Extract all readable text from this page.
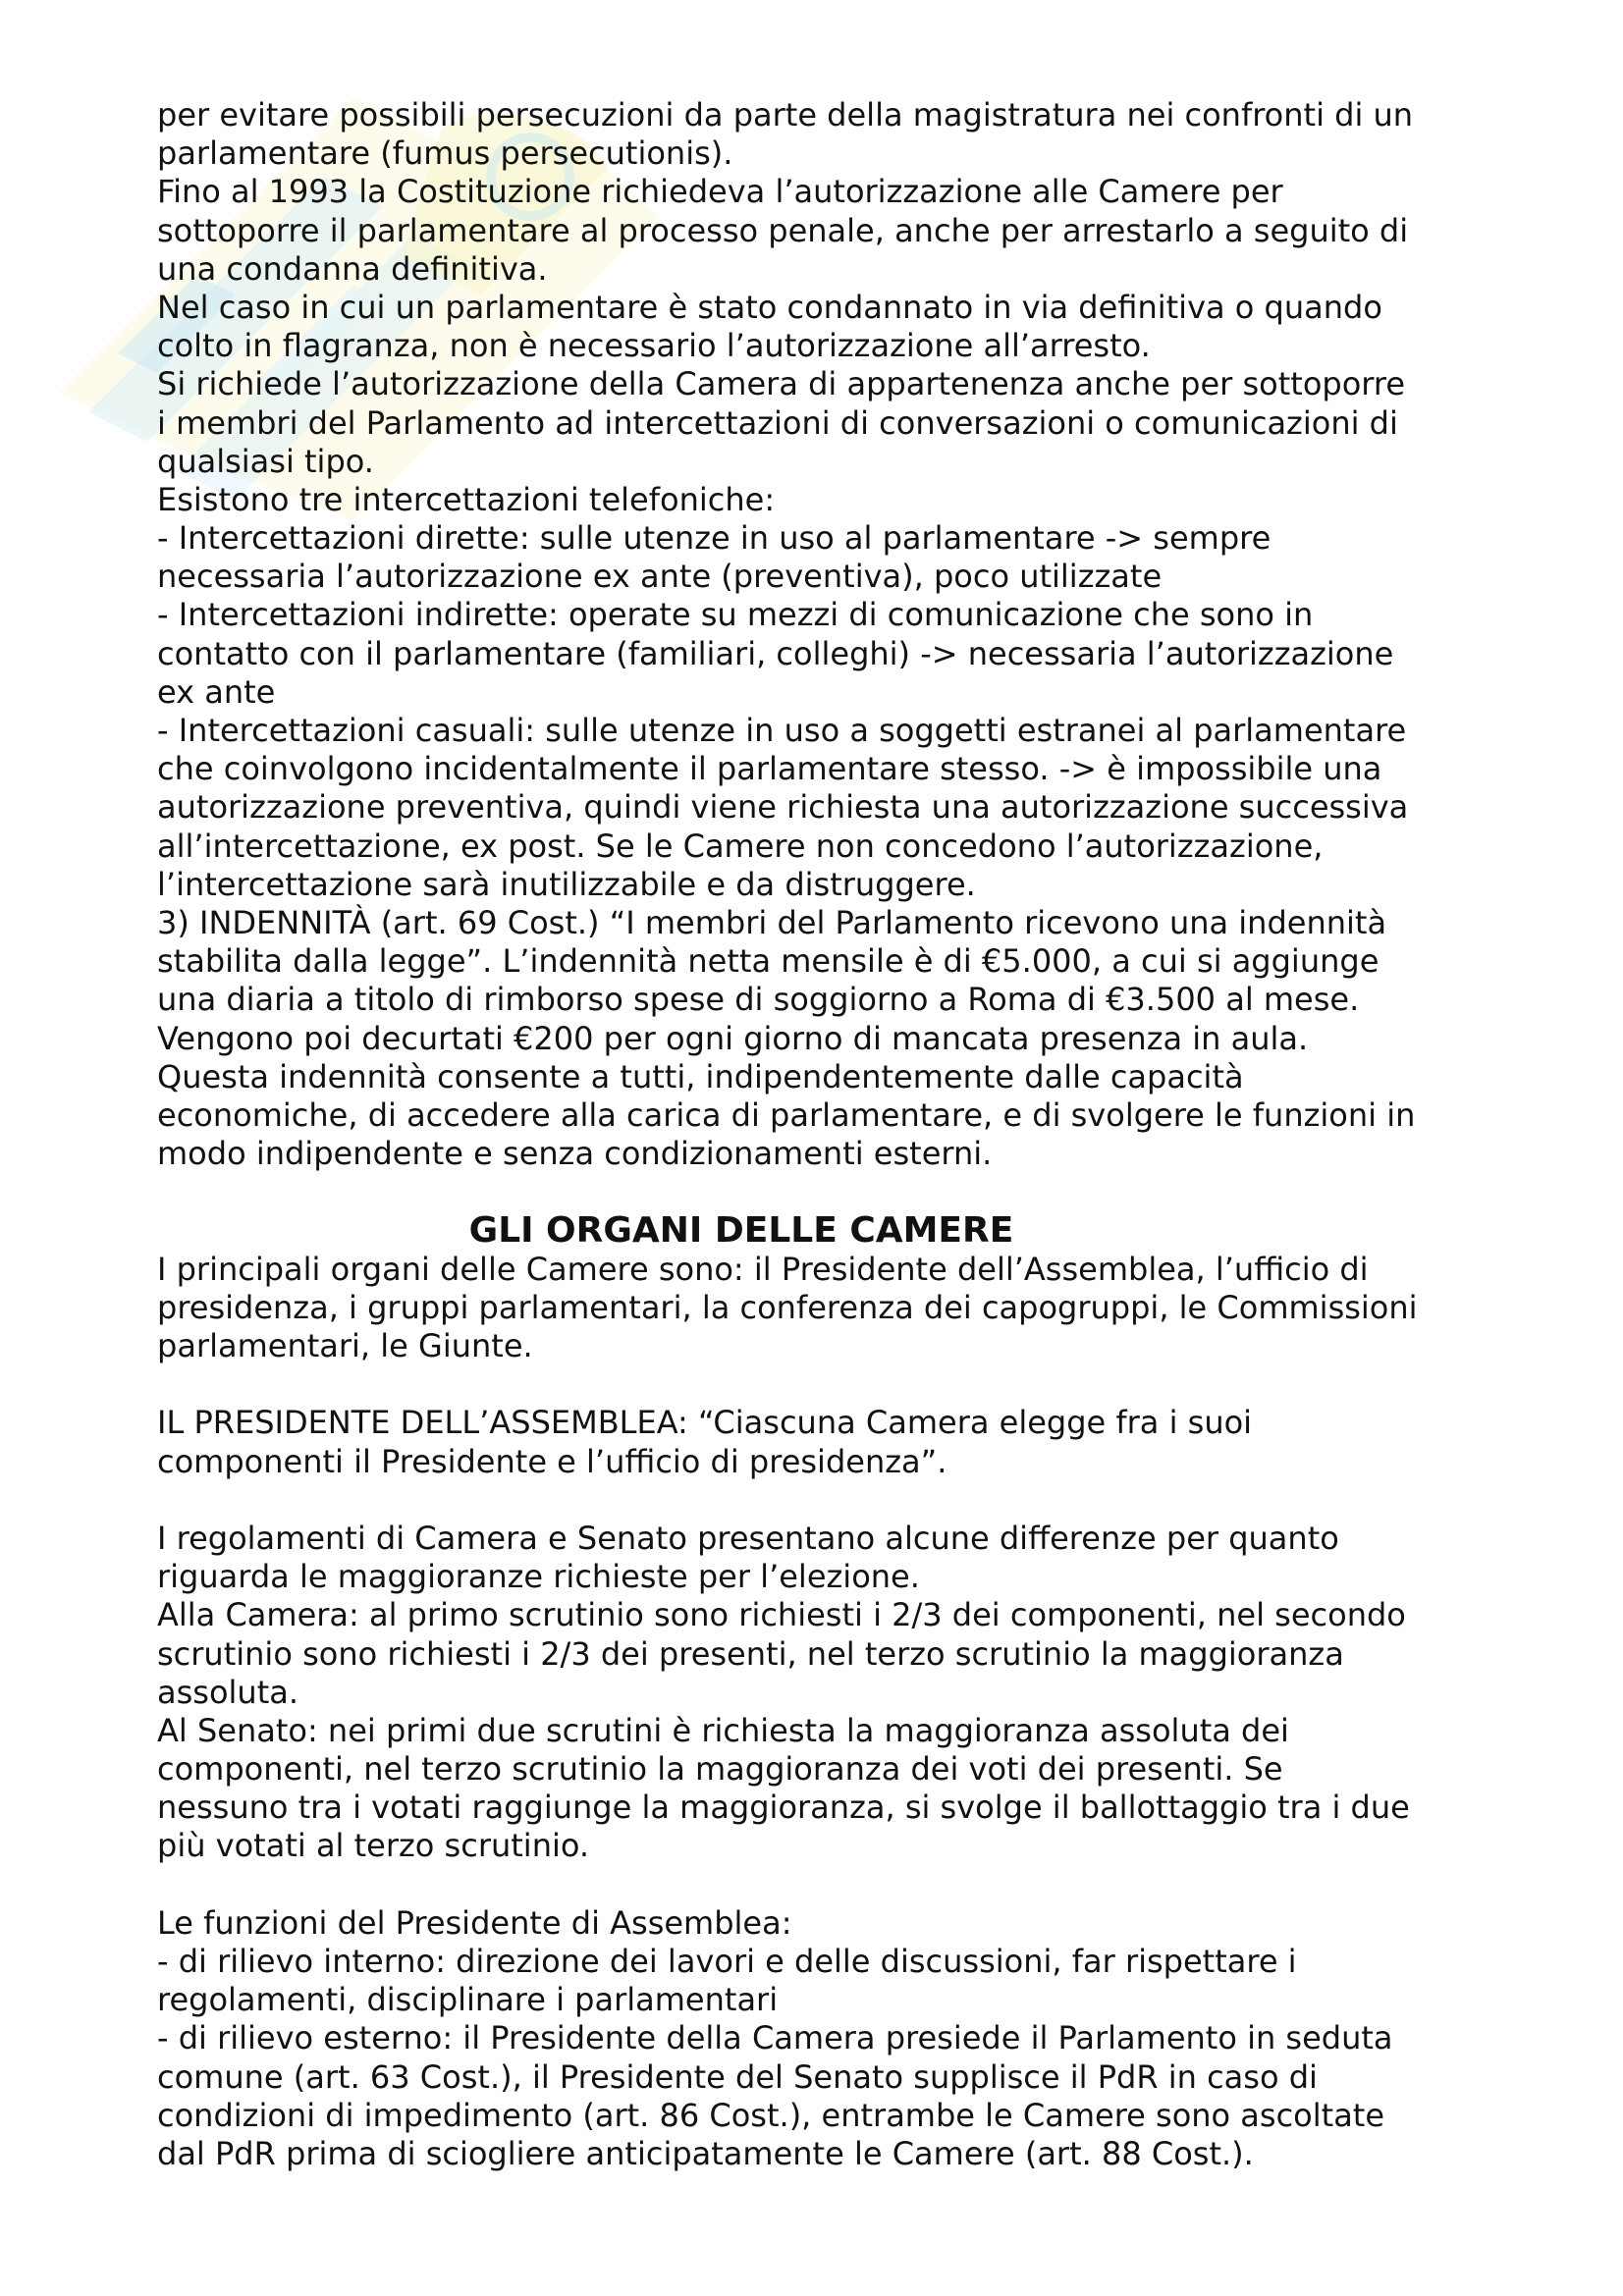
per evitare possibili persecuzioni da parte della magistratura nei confronti di un
parlamentare (fumus persecutionis).
Fino al 1993 la Costituzione richiedeva l’autorizzazione alle Camere per
sottoporre il parlamentare al processo penale, anche per arrestarlo a seguito di
una condanna definitiva.
Nel caso in cui un parlamentare è stato condannato in via definitiva o quando
colto in flagranza, non è necessario l’autorizzazione all’arresto.
Si richiede l’autorizzazione della Camera di appartenenza anche per sottoporre
i membri del Parlamento ad intercettazioni di conversazioni o comunicazioni di
qualsiasi tipo.
Esistono tre intercettazioni telefoniche:
- Intercettazioni dirette: sulle utenze in uso al parlamentare -> sempre
necessaria l’autorizzazione ex ante (preventiva), poco utilizzate
- Intercettazioni indirette: operate su mezzi di comunicazione che sono in
contatto con il parlamentare (familiari, colleghi) -> necessaria l’autorizzazione
ex ante
- Intercettazioni casuali: sulle utenze in uso a soggetti estranei al parlamentare
che coinvolgono incidentalmente il parlamentare stesso. -> è impossibile una
autorizzazione preventiva, quindi viene richiesta una autorizzazione successiva
all’intercettazione, ex post. Se le Camere non concedono l’autorizzazione,
l’intercettazione sarà inutilizzabile e da distruggere.
3) INDENNITÀ (art. 69 Cost.) “I membri del Parlamento ricevono una indennità
stabilita dalla legge”. L’indennità netta mensile è di €5.000, a cui si aggiunge
una diaria a titolo di rimborso spese di soggiorno a Roma di €3.500 al mese.
Vengono poi decurtati €200 per ogni giorno di mancata presenza in aula.
Questa indennità consente a tutti, indipendentemente dalle capacità
economiche, di accedere alla carica di parlamentare, e di svolgere le funzioni in
modo indipendente e senza condizionamenti esterni.
GLI ORGANI DELLE CAMERE
I principali organi delle Camere sono: il Presidente dell’Assemblea, l’ufficio di
presidenza, i gruppi parlamentari, la conferenza dei capogruppi, le Commissioni
parlamentari, le Giunte.
IL PRESIDENTE DELL’ASSEMBLEA: “Ciascuna Camera elegge fra i suoi
componenti il Presidente e l’ufficio di presidenza”.
I regolamenti di Camera e Senato presentano alcune differenze per quanto
riguarda le maggioranze richieste per l’elezione.
Alla Camera: al primo scrutinio sono richiesti i 2/3 dei componenti, nel secondo
scrutinio sono richiesti i 2/3 dei presenti, nel terzo scrutinio la maggioranza
assoluta.
Al Senato: nei primi due scrutini è richiesta la maggioranza assoluta dei
componenti, nel terzo scrutinio la maggioranza dei voti dei presenti. Se
nessuno tra i votati raggiunge la maggioranza, si svolge il ballottaggio tra i due
più votati al terzo scrutinio.
Le funzioni del Presidente di Assemblea:
- di rilievo interno: direzione dei lavori e delle discussioni, far rispettare i
regolamenti, disciplinare i parlamentari
- di rilievo esterno: il Presidente della Camera presiede il Parlamento in seduta
comune (art. 63 Cost.), il Presidente del Senato supplisce il PdR in caso di
condizioni di impedimento (art. 86 Cost.), entrambe le Camere sono ascoltate
dal PdR prima di sciogliere anticipatamente le Camere (art. 88 Cost.).
